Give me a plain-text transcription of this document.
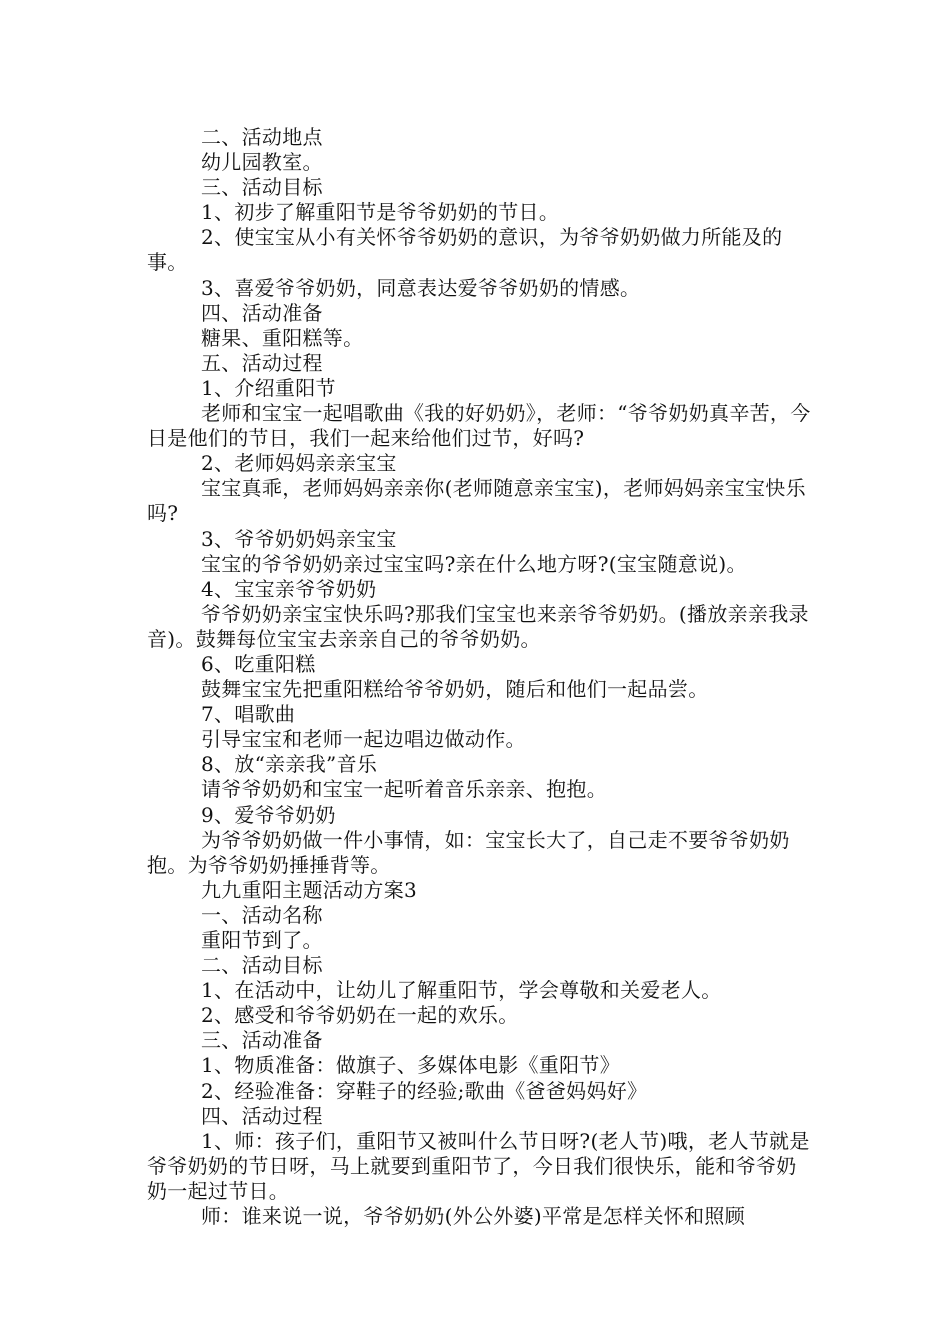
二、活动地点

幼儿园教室。

三、活动目标

1、初步了解重阳节是爷爷奶奶的节日。

2、使宝宝从小有关怀爷爷奶奶的意识，为爷爷奶奶做力所能及的事。

3、喜爱爷爷奶奶，同意表达爱爷爷奶奶的情感。

四、活动准备

糖果、重阳糕等。

五、活动过程

1、介绍重阳节

老师和宝宝一起唱歌曲《我的好奶奶》，老师：“爷爷奶奶真辛苦，今日是他们的节日，我们一起来给他们过节，好吗?

2、老师妈妈亲亲宝宝

宝宝真乖，老师妈妈亲亲你(老师随意亲宝宝)，老师妈妈亲宝宝快乐吗?

3、爷爷奶奶妈亲宝宝

宝宝的爷爷奶奶亲过宝宝吗?亲在什么地方呀?(宝宝随意说)。

4、宝宝亲爷爷奶奶

爷爷奶奶亲宝宝快乐吗?那我们宝宝也来亲爷爷奶奶。(播放亲亲我录音)。鼓舞每位宝宝去亲亲自己的爷爷奶奶。

6、吃重阳糕

鼓舞宝宝先把重阳糕给爷爷奶奶，随后和他们一起品尝。

7、唱歌曲

引导宝宝和老师一起边唱边做动作。

8、放“亲亲我”音乐

请爷爷奶奶和宝宝一起听着音乐亲亲、抱抱。

9、爱爷爷奶奶

为爷爷奶奶做一件小事情，如：宝宝长大了，自己走不要爷爷奶奶抱。为爷爷奶奶捶捶背等。

九九重阳主题活动方案3

一、活动名称

重阳节到了。

二、活动目标

1、在活动中，让幼儿了解重阳节，学会尊敬和关爱老人。

2、感受和爷爷奶奶在一起的欢乐。

三、活动准备

1、物质准备：做旗子、多媒体电影《重阳节》

2、经验准备：穿鞋子的经验;歌曲《爸爸妈妈好》

四、活动过程

1、师：孩子们，重阳节又被叫什么节日呀?(老人节)哦，老人节就是爷爷奶奶的节日呀，马上就要到重阳节了，今日我们很快乐，能和爷爷奶奶一起过节日。

师：谁来说一说，爷爷奶奶(外公外婆)平常是怎样关怀和照顾
